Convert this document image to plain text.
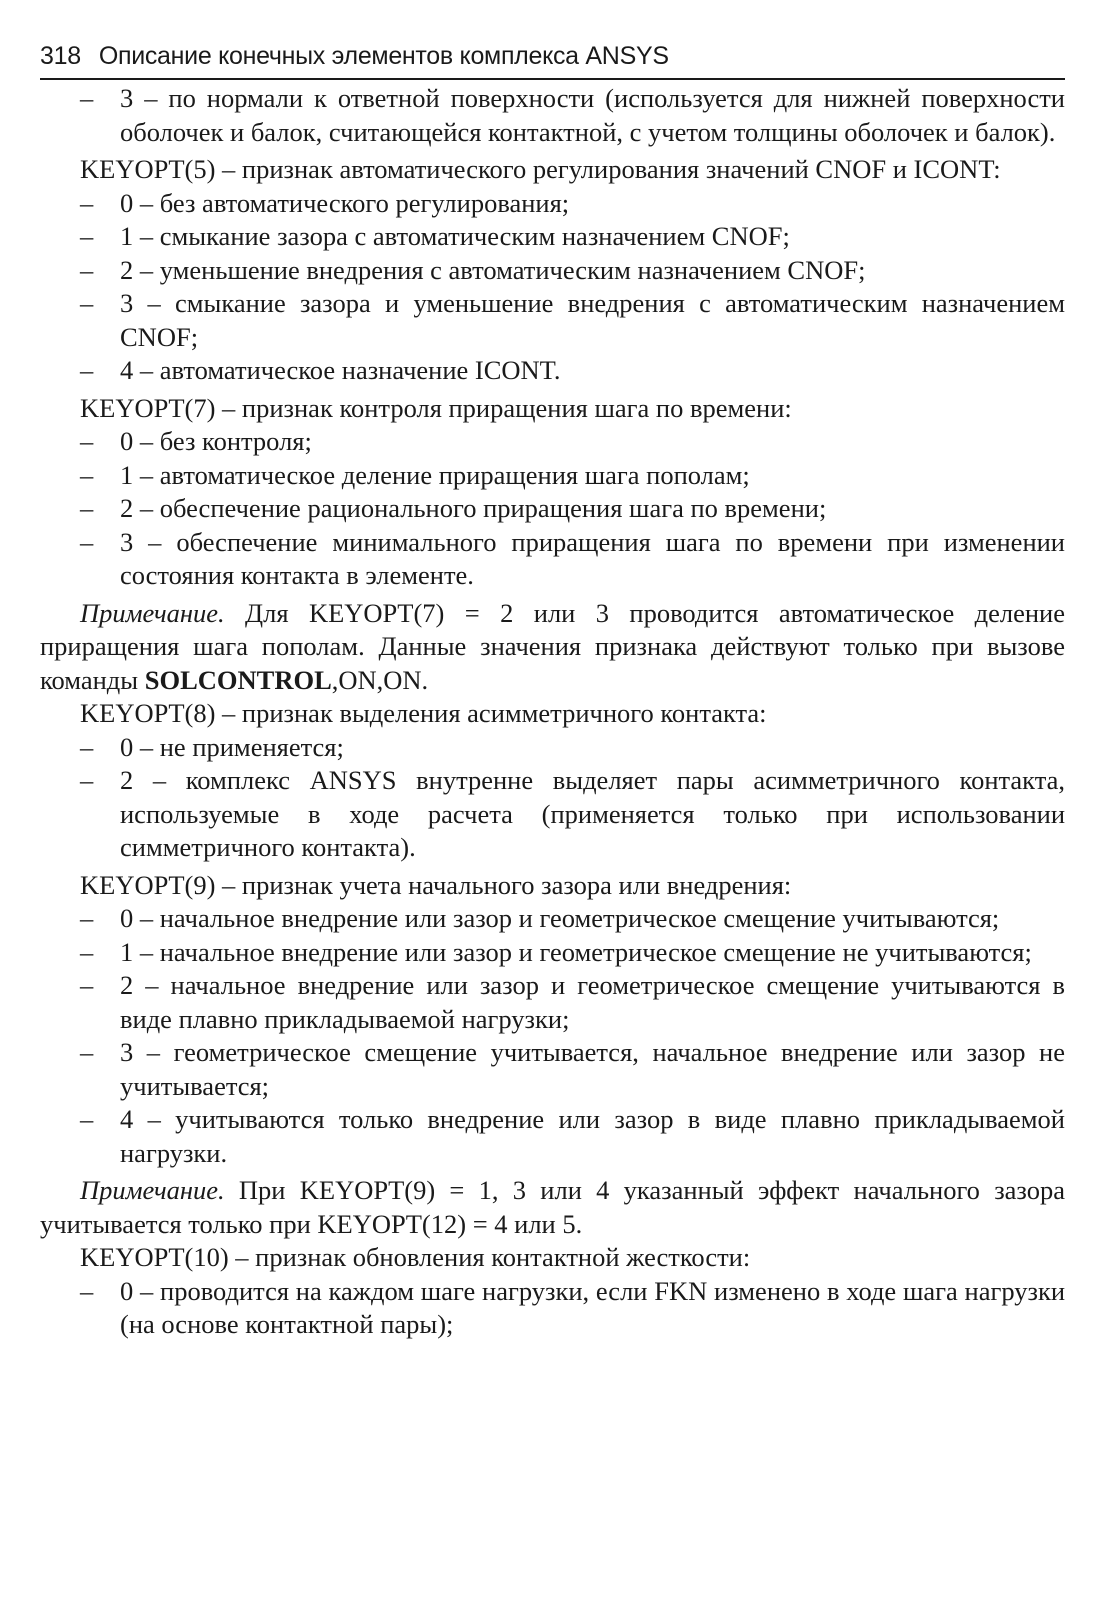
318 Описание конечных элементов комплекса ANSYS
– 3 – по нормали к ответной поверхности (используется для нижней поверхности оболочек и балок, считающейся контактной, с учетом толщины оболочек и балок).

KEYOPT(5) – признак автоматического регулирования значений CNOF и ICONT:

– 0 – без автоматического регулирования;
– 1 – смыкание зазора с автоматическим назначением CNOF;
– 2 – уменьшение внедрения с автоматическим назначением CNOF;
– 3 – смыкание зазора и уменьшение внедрения с автоматическим назначением CNOF;
– 4 – автоматическое назначение ICONT.

KEYOPT(7) – признак контроля приращения шага по времени:

– 0 – без контроля;
– 1 – автоматическое деление приращения шага пополам;
– 2 – обеспечение рационального приращения шага по времени;
– 3 – обеспечение минимального приращения шага по времени при изменении состояния контакта в элементе.

Примечание. Для KEYOPT(7) = 2 или 3 проводится автоматическое деление приращения шага пополам. Данные значения признака действуют только при вызове команды SOLCONTROL,ON,ON.

KEYOPT(8) – признак выделения асимметричного контакта:

– 0 – не применяется;
– 2 – комплекс ANSYS внутренне выделяет пары асимметричного контакта, используемые в ходе расчета (применяется только при использовании симметричного контакта).

KEYOPT(9) – признак учета начального зазора или внедрения:

– 0 – начальное внедрение или зазор и геометрическое смещение учитываются;
– 1 – начальное внедрение или зазор и геометрическое смещение не учитываются;
– 2 – начальное внедрение или зазор и геометрическое смещение учитываются в виде плавно прикладываемой нагрузки;
– 3 – геометрическое смещение учитывается, начальное внедрение или зазор не учитывается;
– 4 – учитываются только внедрение или зазор в виде плавно прикладываемой нагрузки.

Примечание. При KEYOPT(9) = 1, 3 или 4 указанный эффект начального зазора учитывается только при KEYOPT(12) = 4 или 5.

KEYOPT(10) – признак обновления контактной жесткости:

– 0 – проводится на каждом шаге нагрузки, если FKN изменено в ходе шага нагрузки (на основе контактной пары);
